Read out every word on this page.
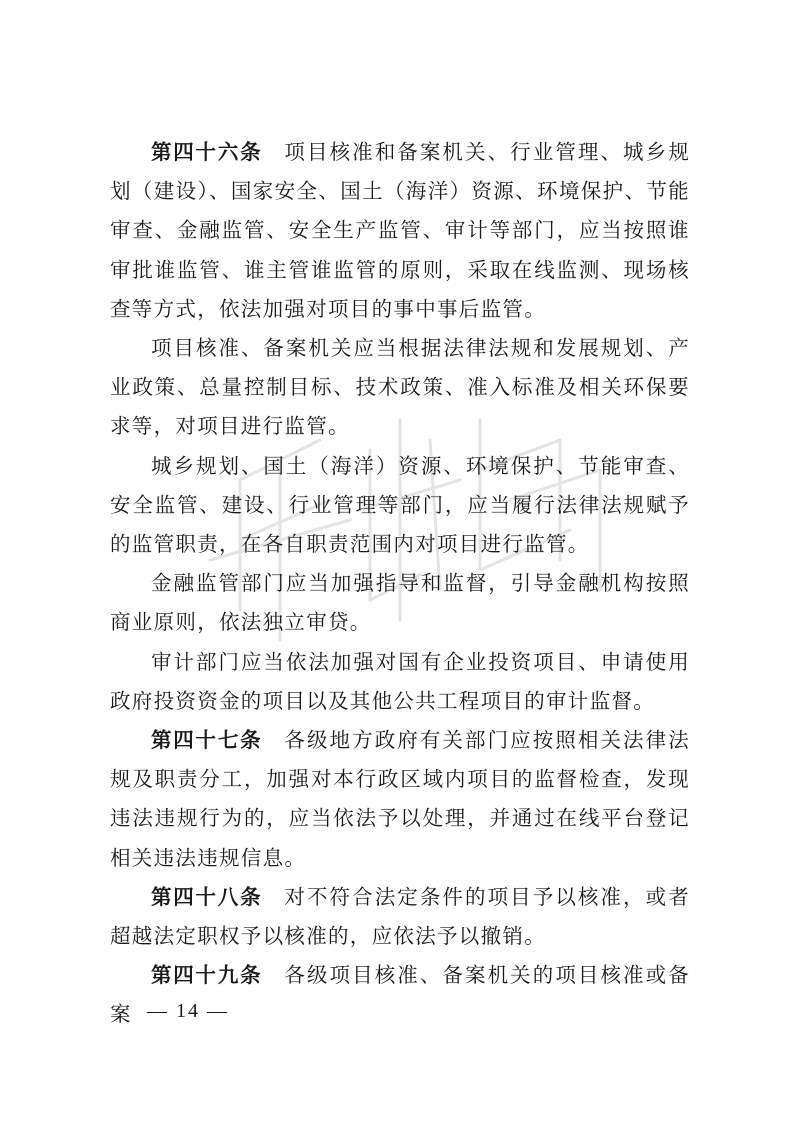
第四十六条 项目核准和备案机关、行业管理、城乡规划（建设）、国家安全、国土（海洋）资源、环境保护、节能审查、金融监管、安全生产监管、审计等部门，应当按照谁审批谁监管、谁主管谁监管的原则，采取在线监测、现场核查等方式，依法加强对项目的事中事后监管。

项目核准、备案机关应当根据法律法规和发展规划、产业政策、总量控制目标、技术政策、准入标准及相关环保要求等，对项目进行监管。

城乡规划、国土（海洋）资源、环境保护、节能审查、安全监管、建设、行业管理等部门，应当履行法律法规赋予的监管职责，在各自职责范围内对项目进行监管。

金融监管部门应当加强指导和监督，引导金融机构按照商业原则，依法独立审贷。

审计部门应当依法加强对国有企业投资项目、申请使用政府投资资金的项目以及其他公共工程项目的审计监督。

第四十七条 各级地方政府有关部门应按照相关法律法规及职责分工，加强对本行政区域内项目的监督检查，发现违法违规行为的，应当依法予以处理，并通过在线平台登记相关违法违规信息。

第四十八条 对不符合法定条件的项目予以核准，或者超越法定职权予以核准的，应依法予以撤销。

第四十九条 各级项目核准、备案机关的项目核准或备案 — 14 —
